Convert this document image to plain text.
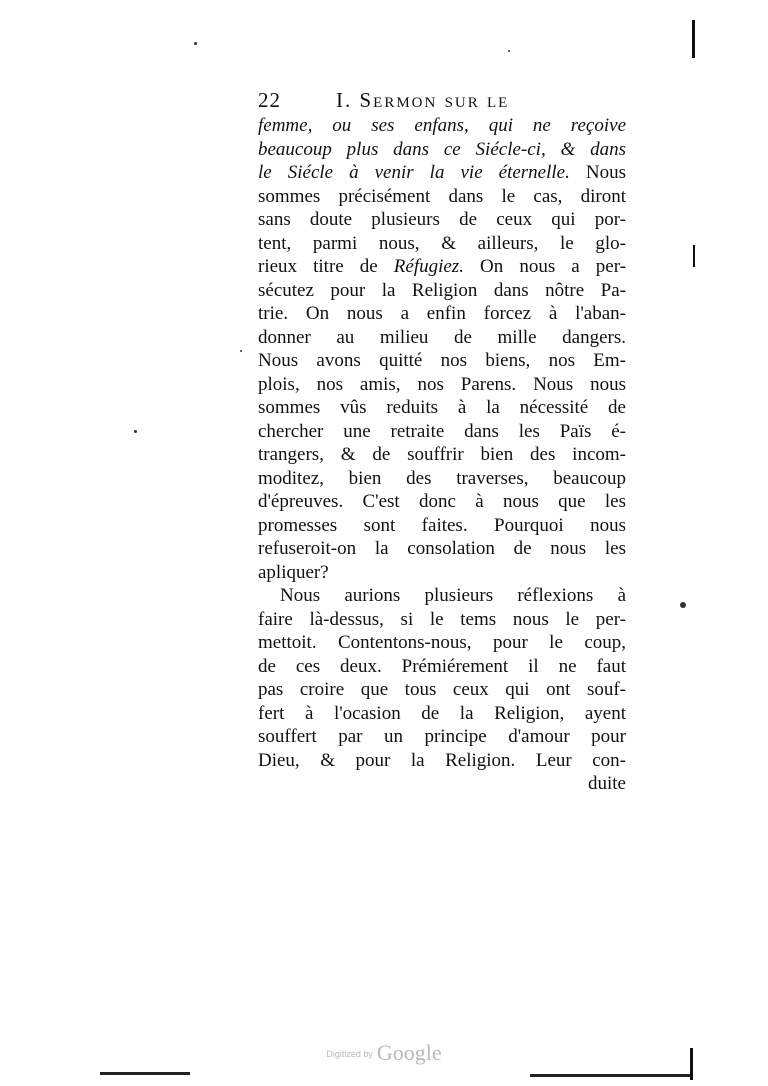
22	I. Sermon sur le
femme, ou ses enfans, qui ne reçoive
beaucoup plus dans ce Siécle-ci, & dans
le Siécle à venir la vie éternelle. Nous
sommes précisément dans le cas, diront
sans doute plusieurs de ceux qui por-
tent, parmi nous, & ailleurs, le glo-
rieux titre de Réfugiez. On nous a per-
sécutez pour la Religion dans nôtre Pa-
trie. On nous a enfin forcez à l'aban-
donner au milieu de mille dangers.
Nous avons quitté nos biens, nos Em-
plois, nos amis, nos Parens. Nous nous
sommes vûs reduits à la nécessité de
chercher une retraite dans les Païs é-
trangers, & de souffrir bien des incom-
moditez, bien des traverses, beaucoup
d'épreuves. C'est donc à nous que les
promesses sont faites. Pourquoi nous
refuseroit-on la consolation de nous les
apliquer?
Nous aurions plusieurs réflexions à
faire là-dessus, si le tems nous le per-
mettoit. Contentons-nous, pour le coup,
de ces deux. Prémiérement il ne faut
pas croire que tous ceux qui ont souf-
fert à l'ocasion de la Religion, ayent
souffert par un principe d'amour pour
Dieu, & pour la Religion. Leur con-
duite
Digitized by Google
